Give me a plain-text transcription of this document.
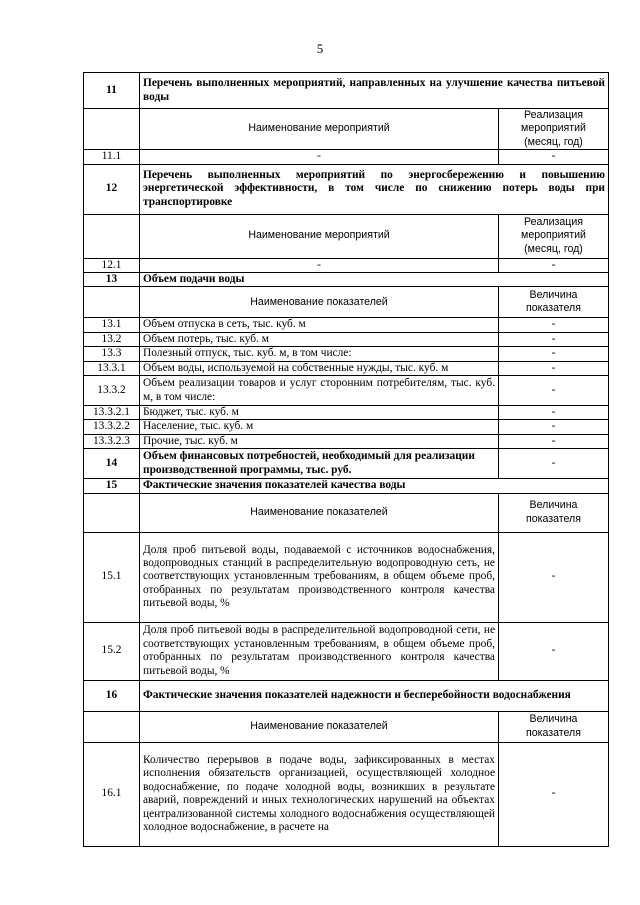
5
11	Перечень выполненных мероприятий, направленных на улучшение качества питьевой воды	
	Наименование мероприятий	Реализация мероприятий (месяц, год)
11.1	-	-
12	Перечень выполненных мероприятий по энергосбережению и повышению энергетической эффективности, в том числе по снижению потерь воды при транспортировке	
	Наименование мероприятий	Реализация мероприятий (месяц, год)
12.1	-	-
13	Объем подачи воды	
	Наименование показателей	Величина показателя
13.1	Объем отпуска в сеть, тыс. куб. м	-
13.2	Объем потерь, тыс. куб. м	-
13.3	Полезный отпуск, тыс. куб. м, в том числе:	-
13.3.1	Объем воды, используемой на собственные нужды, тыс. куб. м	-
13.3.2	Объем реализации товаров и услуг сторонним потребителям, тыс. куб. м, в том числе:	-
13.3.2.1	Бюджет, тыс. куб. м	-
13.3.2.2	Население, тыс. куб. м	-
13.3.2.3	Прочие, тыс. куб. м	-
14	Объем финансовых потребностей, необходимый для реализации производственной программы, тыс. руб.	-
15	Фактические значения показателей качества воды	
	Наименование показателей	Величина показателя
15.1	Доля проб питьевой воды, подаваемой с источников водоснабжения, водопроводных станций в распределительную водопроводную сеть, не соответствующих установленным требованиям, в общем объеме проб, отобранных по результатам производственного контроля качества питьевой воды, %	-
15.2	Доля проб питьевой воды в распределительной водопроводной сети, не соответствующих установленным требованиям, в общем объеме проб, отобранных по результатам производственного контроля качества питьевой воды, %	-
16	Фактические значения показателей надежности и бесперебойности водоснабжения	
	Наименование показателей	Величина показателя
16.1	Количество перерывов в подаче воды, зафиксированных в местах исполнения обязательств организацией, осуществляющей холодное водоснабжение, по подаче холодной воды, возникших в результате аварий, повреждений и иных технологических нарушений на объектах централизованной системы холодного водоснабжения осуществляющей холодное водоснабжение, в расчете на	-
